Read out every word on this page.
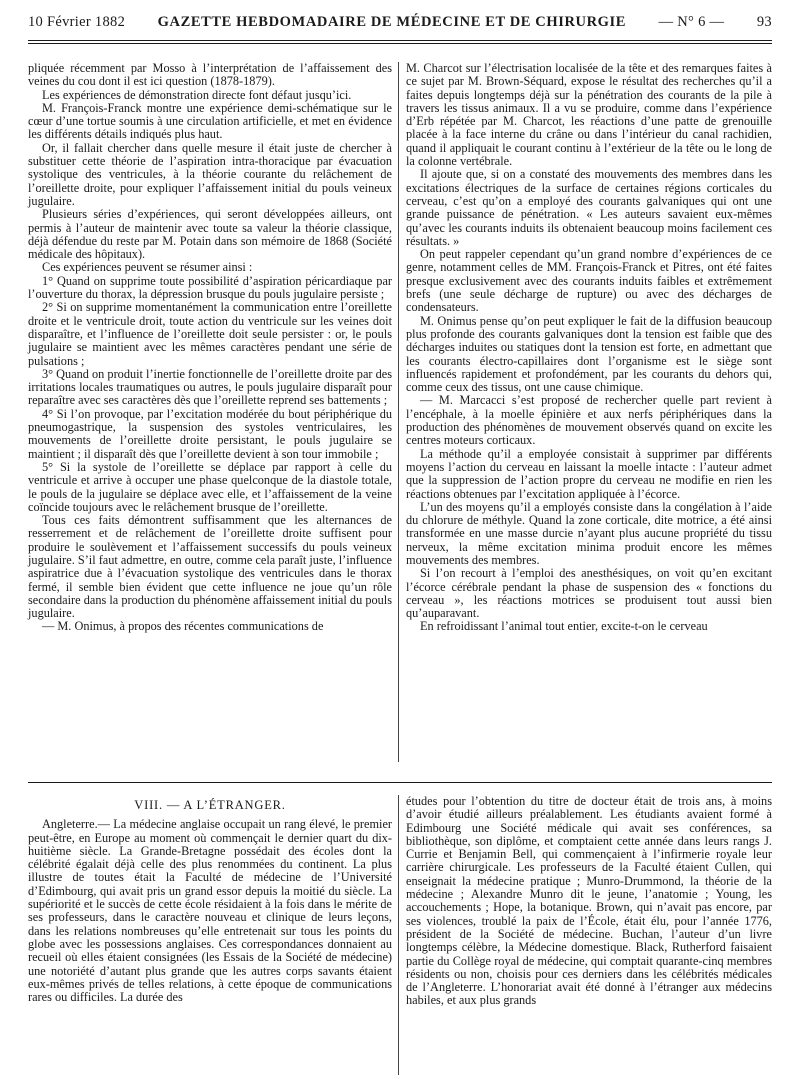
10 Février 1882 GAZETTE HEBDOMADAIRE DE MÉDECINE ET DE CHIRURGIE — N° 6 — 93

pliquée récemment par Mosso à l’interprétation de l’affaissement des veines du cou dont il est ici question (1878-1879).

Les expériences de démonstration directe font défaut jusqu’ici.

M. François-Franck montre une expérience demi-schématique sur le cœur d’une tortue soumis à une circulation artificielle, et met en évidence les différents détails indiqués plus haut.

Or, il fallait chercher dans quelle mesure il était juste de chercher à substituer cette théorie de l’aspiration intra-thoracique par évacuation systolique des ventricules, à la théorie courante du relâchement de l’oreillette droite, pour expliquer l’affaissement initial du pouls veineux jugulaire.

Plusieurs séries d’expériences, qui seront développées ailleurs, ont permis à l’auteur de maintenir avec toute sa valeur la théorie classique, déjà défendue du reste par M. Potain dans son mémoire de 1868 (Société médicale des hôpitaux).

Ces expériences peuvent se résumer ainsi :

1° Quand on supprime toute possibilité d’aspiration péricardiaque par l’ouverture du thorax, la dépression brusque du pouls jugulaire persiste ;

2° Si on supprime momentanément la communication entre l’oreillette droite et le ventricule droit, toute action du ventricule sur les veines doit disparaître, et l’influence de l’oreillette doit seule persister : or, le pouls jugulaire se maintient avec les mêmes caractères pendant une série de pulsations ;

3° Quand on produit l’inertie fonctionnelle de l’oreillette droite par des irritations locales traumatiques ou autres, le pouls jugulaire disparaît pour reparaître avec ses caractères dès que l’oreillette reprend ses battements ;

4° Si l’on provoque, par l’excitation modérée du bout périphérique du pneumogastrique, la suspension des systoles ventriculaires, les mouvements de l’oreillette droite persistant, le pouls jugulaire se maintient ; il disparaît dès que l’oreillette devient à son tour immobile ;

5° Si la systole de l’oreillette se déplace par rapport à celle du ventricule et arrive à occuper une phase quelconque de la diastole totale, le pouls de la jugulaire se déplace avec elle, et l’affaissement de la veine coïncide toujours avec le relâchement brusque de l’oreillette.

Tous ces faits démontrent suffisamment que les alternances de resserrement et de relâchement de l’oreillette droite suffisent pour produire le soulèvement et l’affaissement successifs du pouls veineux jugulaire. S’il faut admettre, en outre, comme cela paraît juste, l’influence aspiratrice due à l’évacuation systolique des ventricules dans le thorax fermé, il semble bien évident que cette influence ne joue qu’un rôle secondaire dans la production du phénomène affaissement initial du pouls jugulaire.

— M. Onimus, à propos des récentes communications de

M. Charcot sur l’électrisation localisée de la tête et des remarques faites à ce sujet par M. Brown-Séquard, expose le résultat des recherches qu’il a faites depuis longtemps déjà sur la pénétration des courants de la pile à travers les tissus animaux. Il a vu se produire, comme dans l’expérience d’Erb répétée par M. Charcot, les réactions d’une patte de grenouille placée à la face interne du crâne ou dans l’intérieur du canal rachidien, quand il appliquait le courant continu à l’extérieur de la tête ou le long de la colonne vertébrale.

Il ajoute que, si on a constaté des mouvements des membres dans les excitations électriques de la surface de certaines régions corticales du cerveau, c’est qu’on a employé des courants galvaniques qui ont une grande puissance de pénétration. « Les auteurs savaient eux-mêmes qu’avec les courants induits ils obtenaient beaucoup moins facilement ces résultats. »

On peut rappeler cependant qu’un grand nombre d’expériences de ce genre, notamment celles de MM. François-Franck et Pitres, ont été faites presque exclusivement avec des courants induits faibles et extrêmement brefs (une seule décharge de rupture) ou avec des décharges de condensateurs.

M. Onimus pense qu’on peut expliquer le fait de la diffusion beaucoup plus profonde des courants galvaniques dont la tension est faible que des décharges induites ou statiques dont la tension est forte, en admettant que les courants électro-capillaires dont l’organisme est le siège sont influencés rapidement et profondément, par les courants du dehors qui, comme ceux des tissus, ont une cause chimique.

— M. Marcacci s’est proposé de rechercher quelle part revient à l’encéphale, à la moelle épinière et aux nerfs périphériques dans la production des phénomènes de mouvement observés quand on excite les centres moteurs corticaux.

La méthode qu’il a employée consistait à supprimer par différents moyens l’action du cerveau en laissant la moelle intacte : l’auteur admet que la suppression de l’action propre du cerveau ne modifie en rien les réactions obtenues par l’excitation appliquée à l’écorce.

L’un des moyens qu’il a employés consiste dans la congélation à l’aide du chlorure de méthyle. Quand la zone corticale, dite motrice, a été ainsi transformée en une masse durcie n’ayant plus aucune propriété du tissu nerveux, la même excitation minima produit encore les mêmes mouvements des membres.

Si l’on recourt à l’emploi des anesthésiques, on voit qu’en excitant l’écorce cérébrale pendant la phase de suspension des « fonctions du cerveau », les réactions motrices se produisent tout aussi bien qu’auparavant.

En refroidissant l’animal tout entier, excite-t-on le cerveau

VIII. — A L’ÉTRANGER.

Angleterre.— La médecine anglaise occupait un rang élevé, le premier peut-être, en Europe au moment où commençait le dernier quart du dix-huitième siècle. La Grande-Bretagne possédait des écoles dont la célébrité égalait déjà celle des plus renommées du continent. La plus illustre de toutes était la Faculté de médecine de l’Université d’Edimbourg, qui avait pris un grand essor depuis la moitié du siècle. La supériorité et le succès de cette école résidaient à la fois dans le mérite de ses professeurs, dans le caractère nouveau et clinique de leurs leçons, dans les relations nombreuses qu’elle entretenait sur tous les points du globe avec les possessions anglaises. Ces correspondances donnaient au recueil où elles étaient consignées (les Essais de la Société de médecine) une notoriété d’autant plus grande que les autres corps savants étaient eux-mêmes privés de telles relations, à cette époque de communications rares ou difficiles. La durée des

études pour l’obtention du titre de docteur était de trois ans, à moins d’avoir étudié ailleurs préalablement. Les étudiants avaient formé à Edimbourg une Société médicale qui avait ses conférences, sa bibliothèque, son diplôme, et comptaient cette année dans leurs rangs J. Currie et Benjamin Bell, qui commençaient à l’infirmerie royale leur carrière chirurgicale. Les professeurs de la Faculté étaient Cullen, qui enseignait la médecine pratique ; Munro-Drummond, la théorie de la médecine ; Alexandre Munro dit le jeune, l’anatomie ; Young, les accouchements ; Hope, la botanique. Brown, qui n’avait pas encore, par ses violences, troublé la paix de l’École, était élu, pour l’année 1776, président de la Société de médecine. Buchan, l’auteur d’un livre longtemps célèbre, la Médecine domestique. Black, Rutherford faisaient partie du Collège royal de médecine, qui comptait quarante-cinq membres résidents ou non, choisis pour ces derniers dans les célébrités médicales de l’Angleterre. L’honorariat avait été donné à l’étranger aux médecins habiles, et aux plus grands
